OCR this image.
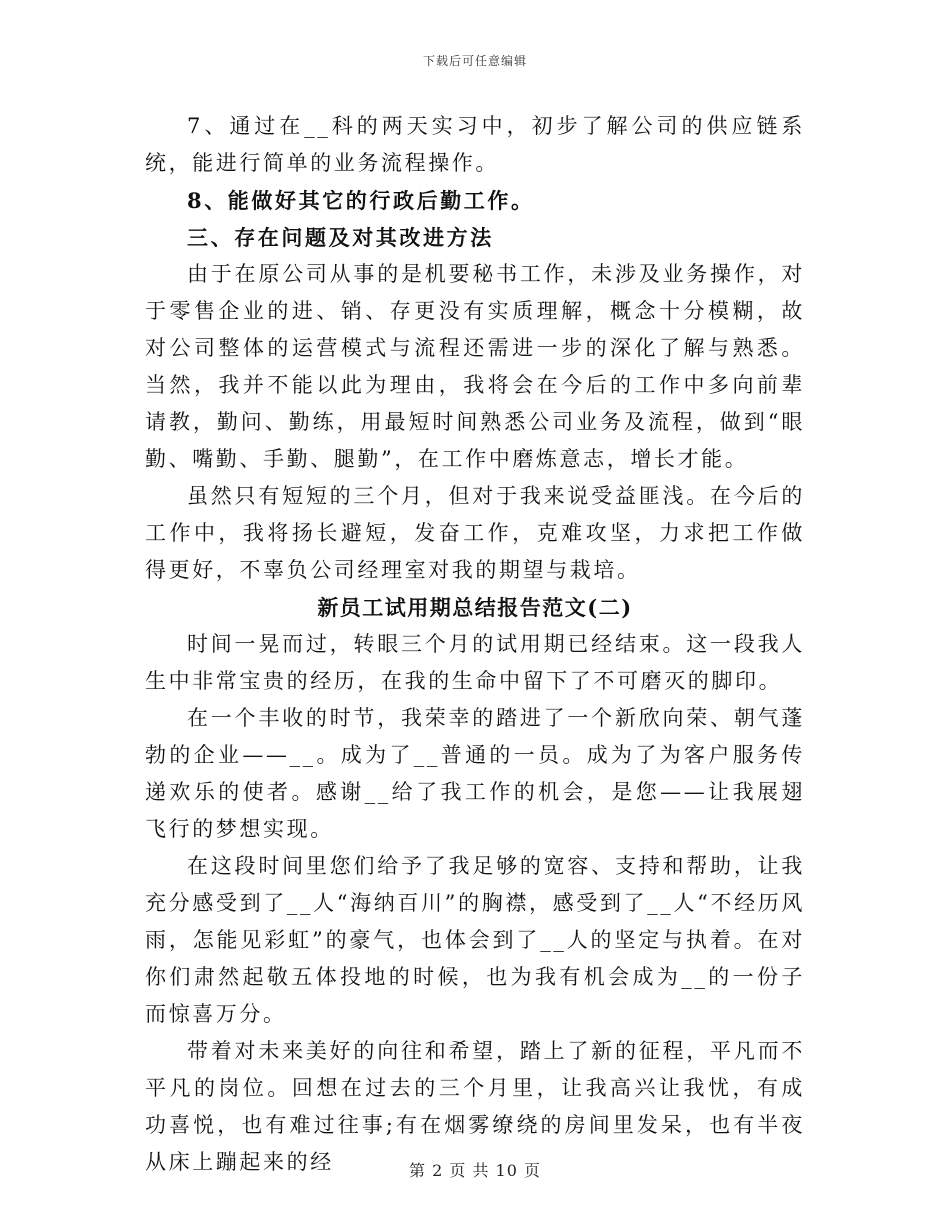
下载后可任意编辑

7、通过在__科的两天实习中，初步了解公司的供应链系统，能进行简单的业务流程操作。

8、能做好其它的行政后勤工作。

三、存在问题及对其改进方法

由于在原公司从事的是机要秘书工作，未涉及业务操作，对于零售企业的进、销、存更没有实质理解，概念十分模糊，故对公司整体的运营模式与流程还需进一步的深化了解与熟悉。当然，我并不能以此为理由，我将会在今后的工作中多向前辈请教，勤问、勤练，用最短时间熟悉公司业务及流程，做到“眼勤、嘴勤、手勤、腿勤”，在工作中磨炼意志，增长才能。

虽然只有短短的三个月，但对于我来说受益匪浅。在今后的工作中，我将扬长避短，发奋工作，克难攻坚，力求把工作做得更好，不辜负公司经理室对我的期望与栽培。

新员工试用期总结报告范文(二)

时间一晃而过，转眼三个月的试用期已经结束。这一段我人生中非常宝贵的经历，在我的生命中留下了不可磨灭的脚印。

在一个丰收的时节，我荣幸的踏进了一个新欣向荣、朝气蓬勃的企业——__。成为了__普通的一员。成为了为客户服务传递欢乐的使者。感谢__给了我工作的机会，是您——让我展翅飞行的梦想实现。

在这段时间里您们给予了我足够的宽容、支持和帮助，让我充分感受到了__人“海纳百川”的胸襟，感受到了__人“不经历风雨，怎能见彩虹”的豪气，也体会到了__人的坚定与执着。在对你们肃然起敬五体投地的时候，也为我有机会成为__的一份子而惊喜万分。

带着对未来美好的向往和希望，踏上了新的征程，平凡而不平凡的岗位。回想在过去的三个月里，让我高兴让我忧，有成功喜悦，也有难过往事;有在烟雾缭绕的房间里发呆，也有半夜从床上蹦起来的经	第 2 页 共 10 页
